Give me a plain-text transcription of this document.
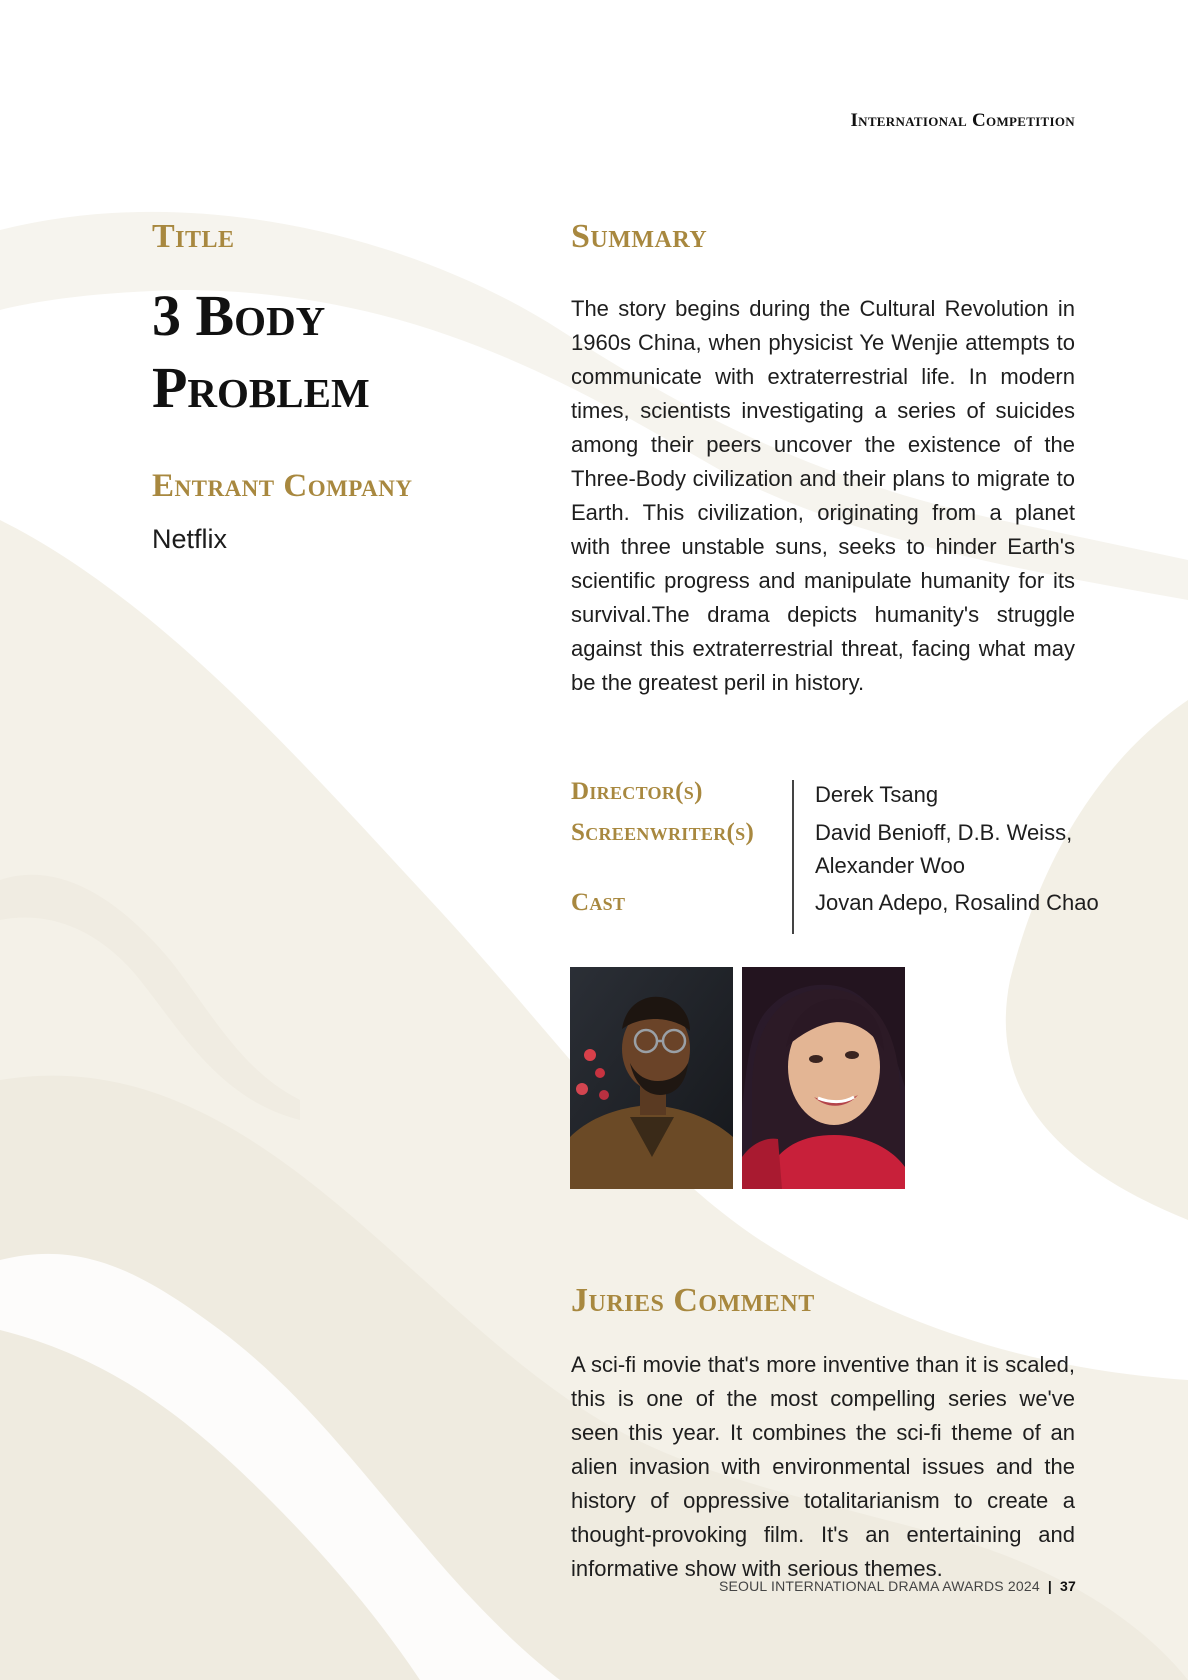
International Competition
Title
3 Body
Problem
Entrant Company
Netflix
Summary

The story begins during the Cultural Revolution in 1960s China, when physicist Ye Wenjie attempts to communicate with extraterrestrial life. In modern times, scientists investigating a series of suicides among their peers uncover the existence of the Three-Body civilization and their plans to migrate to Earth. This civilization, originating from a planet with three unstable suns, seeks to hinder Earth's scientific progress and manipulate humanity for its survival.The drama depicts humanity's struggle against this extraterrestrial threat, facing what may be the greatest peril in history.

Director(s)	Derek Tsang
Screenwriter(s)	David Benioff, D.B. Weiss, Alexander Woo
Cast	Jovan Adepo, Rosalind Chao
Juries Comment

A sci-fi movie that's more inventive than it is scaled, this is one of the most compelling series we've seen this year. It combines the sci-fi theme of an alien invasion with environmental issues and the history of oppressive totalitarianism to create a thought-provoking film. It's an entertaining and informative show with serious themes.

SEOUL INTERNATIONAL DRAMA AWARDS 2024 | 37
